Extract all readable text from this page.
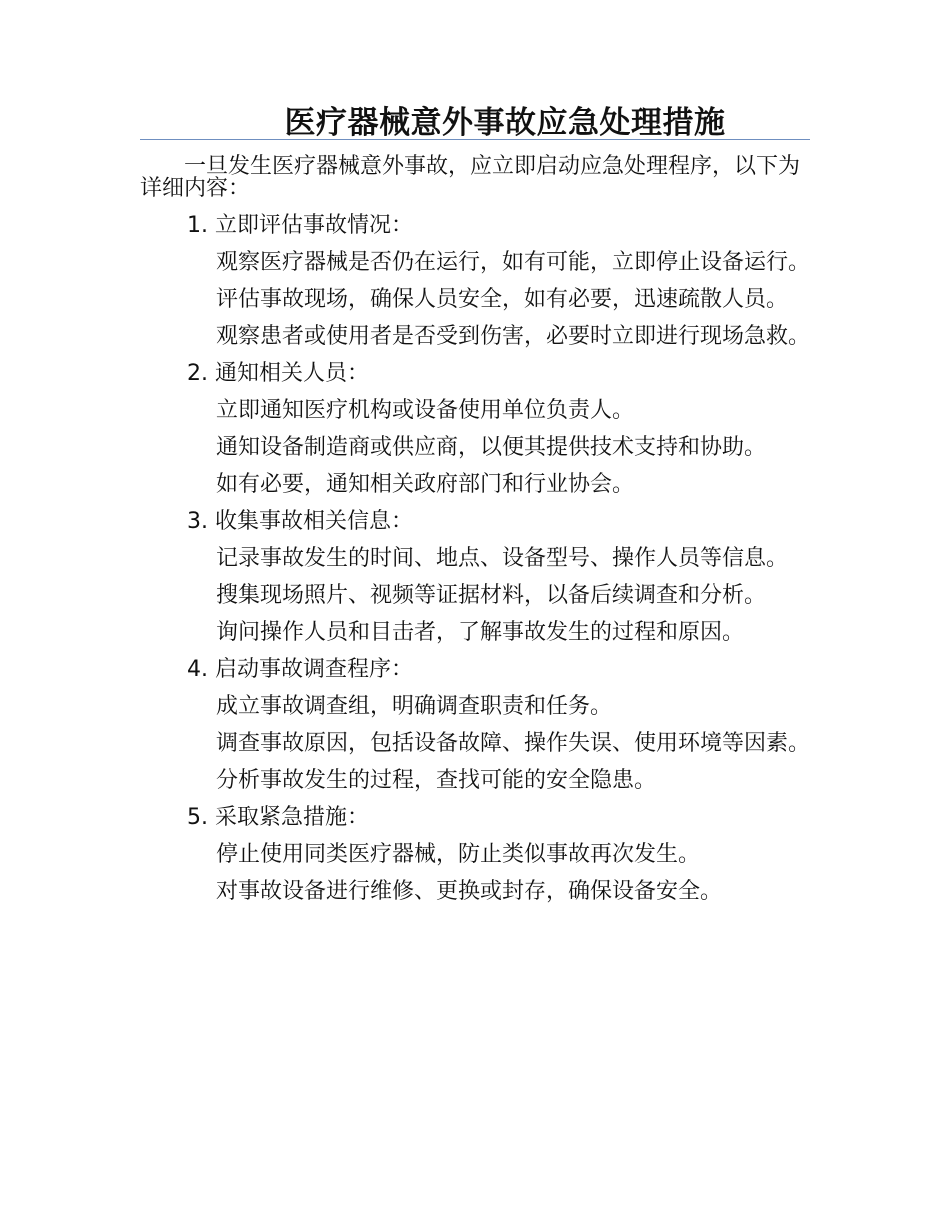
医疗器械意外事故应急处理措施

一旦发生医疗器械意外事故，应立即启动应急处理程序，以下为详细内容：

1. 立即评估事故情况：

观察医疗器械是否仍在运行，如有可能，立即停止设备运行。

评估事故现场，确保人员安全，如有必要，迅速疏散人员。

观察患者或使用者是否受到伤害，必要时立即进行现场急救。

2. 通知相关人员：

立即通知医疗机构或设备使用单位负责人。

通知设备制造商或供应商，以便其提供技术支持和协助。

如有必要，通知相关政府部门和行业协会。

3. 收集事故相关信息：

记录事故发生的时间、地点、设备型号、操作人员等信息。

搜集现场照片、视频等证据材料，以备后续调查和分析。

询问操作人员和目击者，了解事故发生的过程和原因。

4. 启动事故调查程序：

成立事故调查组，明确调查职责和任务。

调查事故原因，包括设备故障、操作失误、使用环境等因素。

分析事故发生的过程，查找可能的安全隐患。

5. 采取紧急措施：

停止使用同类医疗器械，防止类似事故再次发生。

对事故设备进行维修、更换或封存，确保设备安全。
